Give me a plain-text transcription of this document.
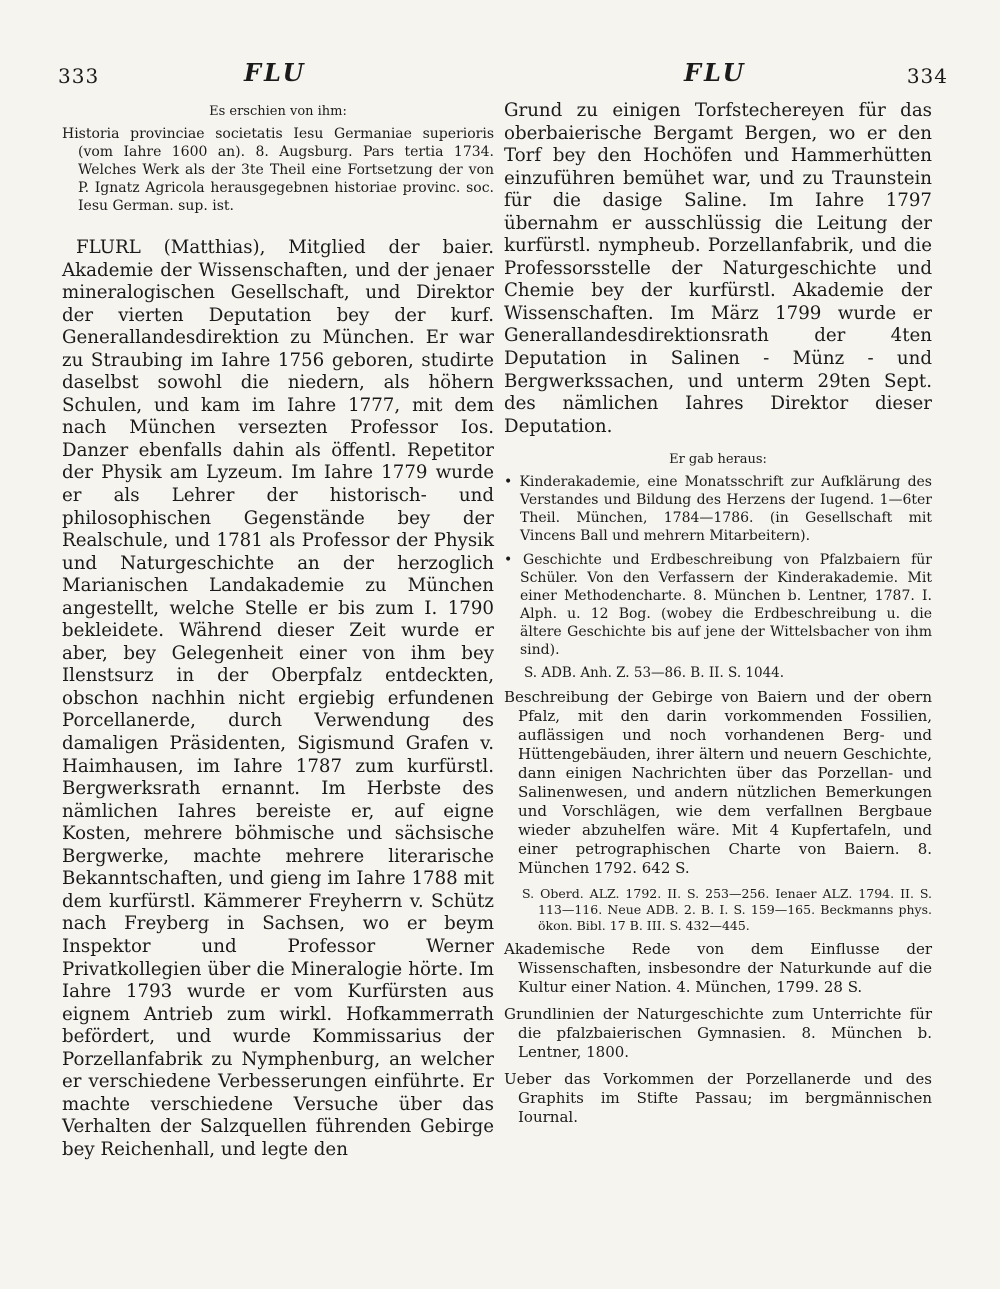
333	FLU	FLU	334
Es erschien von ihm:

Historia provinciae societatis Iesu Germaniae superioris (vom Iahre 1600 an). 8. Augsburg. Pars tertia 1734. Welches Werk als der 3te Theil eine Fortsetzung der von P. Ignatz Agricola herausgegebnen historiae provinc. soc. Iesu German. sup. ist.

FLURL (Matthias), Mitglied der baier. Akademie der Wissenschaften, und der jenaer mineralogischen Gesellschaft, und Direktor der vierten Deputation bey der kurf. Generallandesdirektion zu München. Er war zu Straubing im Iahre 1756 geboren, studirte daselbst sowohl die niedern, als höhern Schulen, und kam im Iahre 1777, mit dem nach München versezten Professor Ios. Danzer ebenfalls dahin als öffentl. Repetitor der Physik am Lyzeum. Im Iahre 1779 wurde er als Lehrer der historisch- und philosophischen Gegenstände bey der Realschule, und 1781 als Professor der Physik und Naturgeschichte an der herzoglich Marianischen Landakademie zu München angestellt, welche Stelle er bis zum I. 1790 bekleidete. Während dieser Zeit wurde er aber, bey Gelegenheit einer von ihm bey Ilenstsurz in der Oberpfalz entdeckten, obschon nachhin nicht ergiebig erfundenen Porcellanerde, durch Verwendung des damaligen Präsidenten, Sigismund Grafen v. Haimhausen, im Iahre 1787 zum kurfürstl. Bergwerksrath ernannt. Im Herbste des nämlichen Iahres bereiste er, auf eigne Kosten, mehrere böhmische und sächsische Bergwerke, machte mehrere literarische Bekanntschaften, und gieng im Iahre 1788 mit dem kurfürstl. Kämmerer Freyherrn v. Schütz nach Freyberg in Sachsen, wo er beym Inspektor und Professor Werner Privatkollegien über die Mineralogie hörte. Im Iahre 1793 wurde er vom Kurfürsten aus eignem Antrieb zum wirkl. Hofkammerrath befördert, und wurde Kommissarius der Porzellanfabrik zu Nymphenburg, an welcher er verschiedene Verbesserungen einführte. Er machte verschiedene Versuche über das Verhalten der Salzquellen führenden Gebirge bey Reichenhall, und legte den

Grund zu einigen Torfstechereyen für das oberbaierische Bergamt Bergen, wo er den Torf bey den Hochöfen und Hammerhütten einzuführen bemühet war, und zu Traunstein für die dasige Saline. Im Iahre 1797 übernahm er ausschlüssig die Leitung der kurfürstl. nympheub. Porzellanfabrik, und die Professorsstelle der Naturgeschichte und Chemie bey der kurfürstl. Akademie der Wissenschaften. Im März 1799 wurde er Generallandesdirektionsrath der 4ten Deputation in Salinen - Münz - und Bergwerkssachen, und unterm 29ten Sept. des nämlichen Iahres Direktor dieser Deputation.

Er gab heraus:

• Kinderakademie, eine Monatsschrift zur Aufklärung des Verstandes und Bildung des Herzens der Iugend. 1—6ter Theil. München, 1784—1786. (in Gesellschaft mit Vincens Ball und mehrern Mitarbeitern).

• Geschichte und Erdbeschreibung von Pfalzbaiern für Schüler. Von den Verfassern der Kinderakademie. Mit einer Methodencharte. 8. München b. Lentner, 1787. I. Alph. u. 12 Bog. (wobey die Erdbeschreibung u. die ältere Geschichte bis auf jene der Wittelsbacher von ihm sind).

S. ADB. Anh. Z. 53—86. B. II. S. 1044.

Beschreibung der Gebirge von Baiern und der obern Pfalz, mit den darin vorkommenden Fossilien, auflässigen und noch vorhandenen Berg- und Hüttengebäuden, ihrer ältern und neuern Geschichte, dann einigen Nachrichten über das Porzellan- und Salinenwesen, und andern nützlichen Bemerkungen und Vorschlägen, wie dem verfallnen Bergbaue wieder abzuhelfen wäre. Mit 4 Kupfertafeln, und einer petrographischen Charte von Baiern. 8. München 1792. 642 S.

S. Oberd. ALZ. 1792. II. S. 253—256. Ienaer ALZ. 1794. II. S. 113—116. Neue ADB. 2. B. I. S. 159—165. Beckmanns phys. ökon. Bibl. 17 B. III. S. 432—445.

Akademische Rede von dem Einflusse der Wissenschaften, insbesondre der Naturkunde auf die Kultur einer Nation. 4. München, 1799. 28 S.

Grundlinien der Naturgeschichte zum Unterrichte für die pfalzbaierischen Gymnasien. 8. München b. Lentner, 1800.

Ueber das Vorkommen der Porzellanerde und des Graphits im Stifte Passau; im bergmännischen Iournal.
